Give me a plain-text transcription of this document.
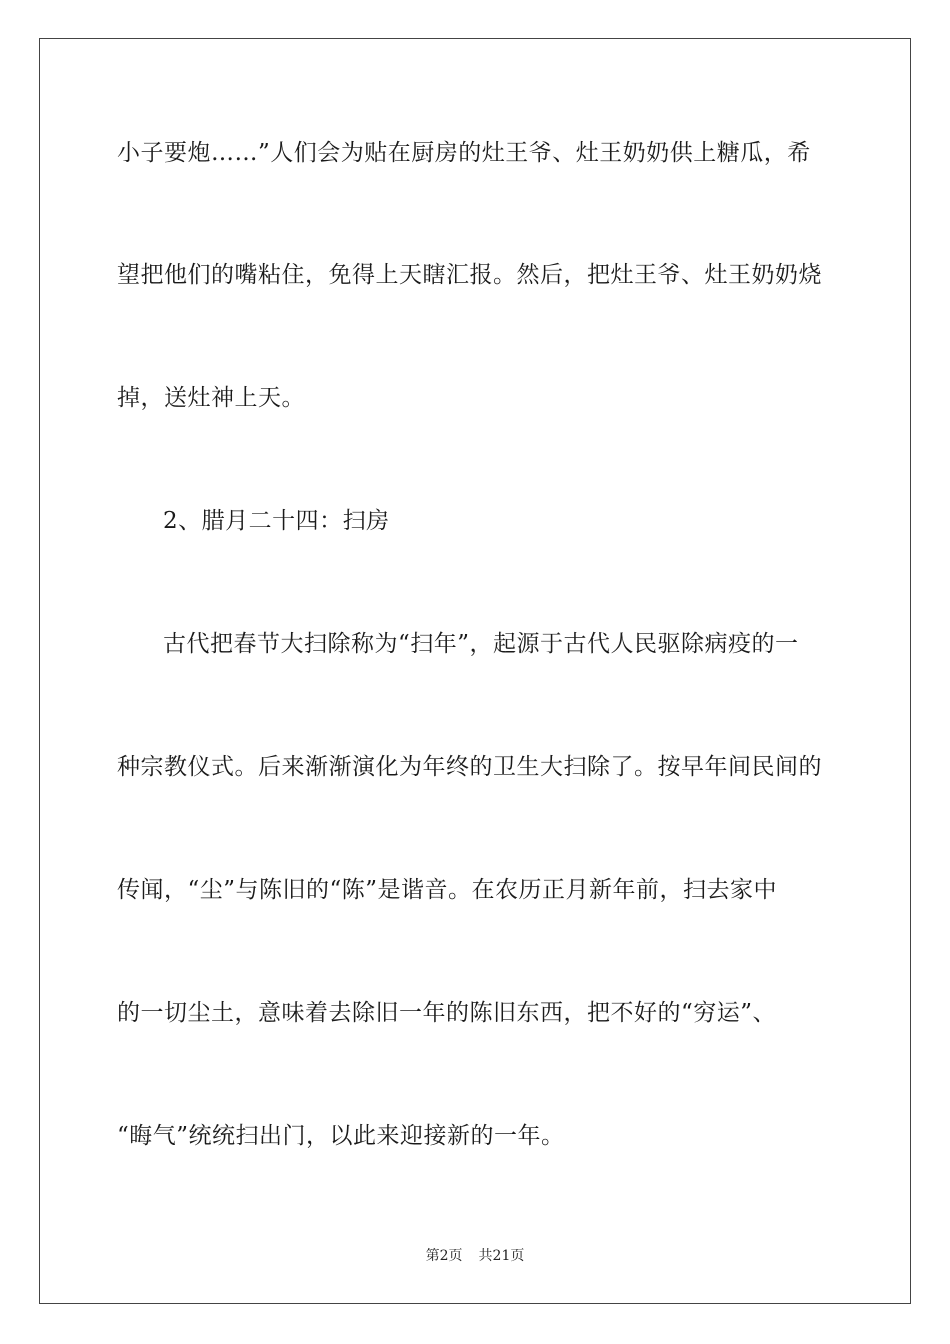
小子要炮……”人们会为贴在厨房的灶王爷、灶王奶奶供上糖瓜，希
望把他们的嘴粘住，免得上天瞎汇报。然后，把灶王爷、灶王奶奶烧
掉，送灶神上天。
2、腊月二十四：扫房
古代把春节大扫除称为“扫年”，起源于古代人民驱除病疫的一
种宗教仪式。后来渐渐演化为年终的卫生大扫除了。按早年间民间的
传闻，“尘”与陈旧的“陈”是谐音。在农历正月新年前，扫去家中
的一切尘土，意味着去除旧一年的陈旧东西，把不好的“穷运”、
“晦气”统统扫出门，以此来迎接新的一年。
第2页 共21页
